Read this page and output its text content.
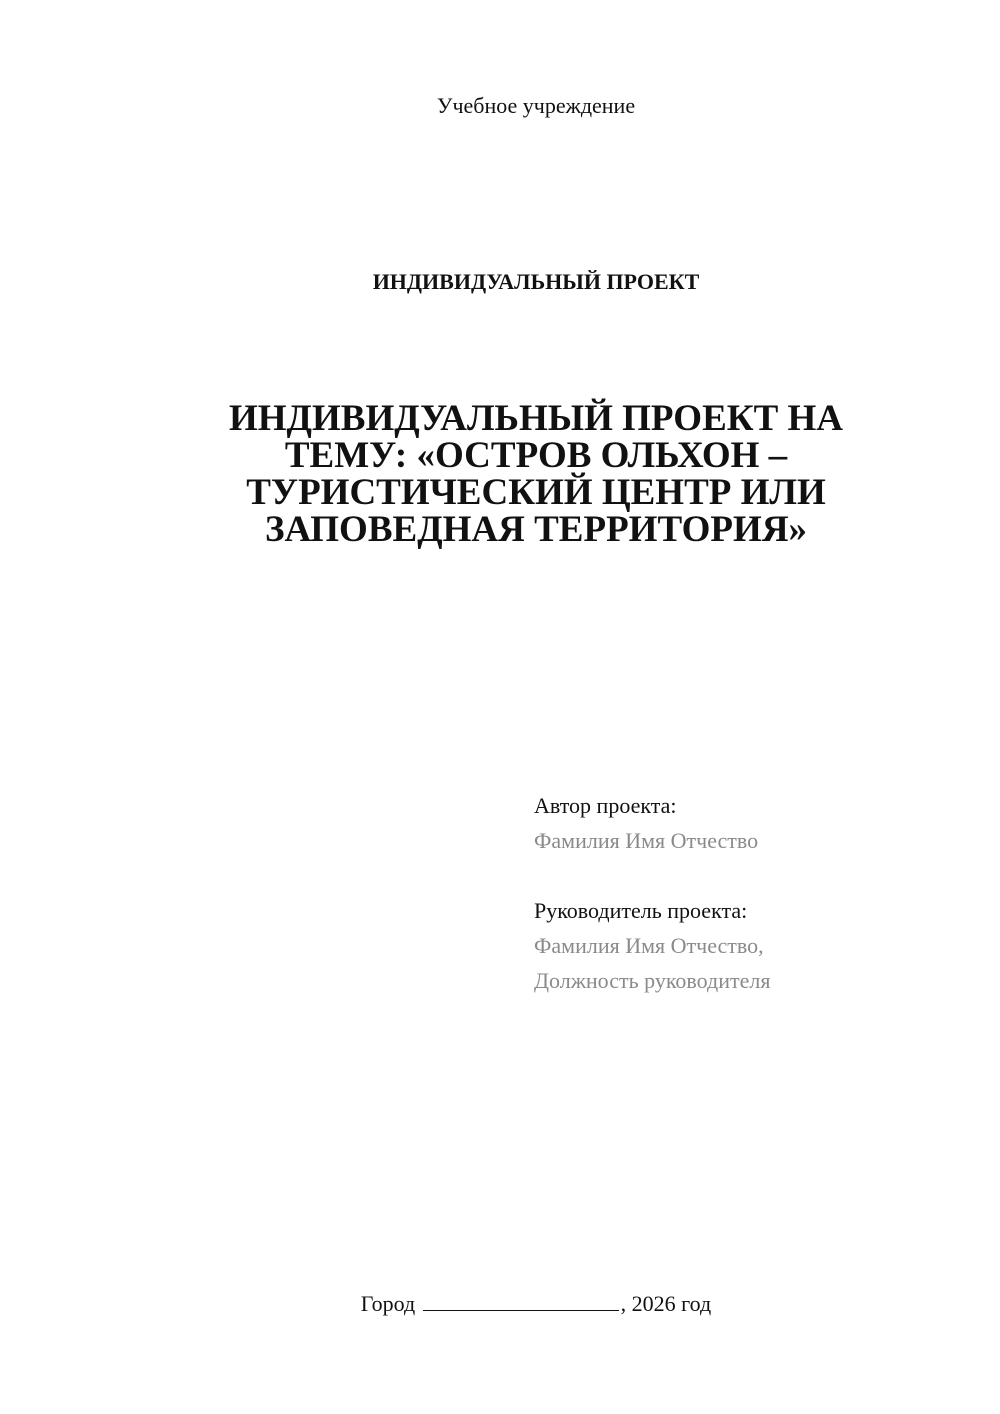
Учебное учреждение
ИНДИВИДУАЛЬНЫЙ ПРОЕКТ
ИНДИВИДУАЛЬНЫЙ ПРОЕКТ НА
ТЕМУ: «ОСТРОВ ОЛЬХОН –
ТУРИСТИЧЕСКИЙ ЦЕНТР ИЛИ
ЗАПОВЕДНАЯ ТЕРРИТОРИЯ»
Автор проекта:
Фамилия Имя Отчество
Руководитель проекта:
Фамилия Имя Отчество,
Должность руководителя
Город	, 2026 год
